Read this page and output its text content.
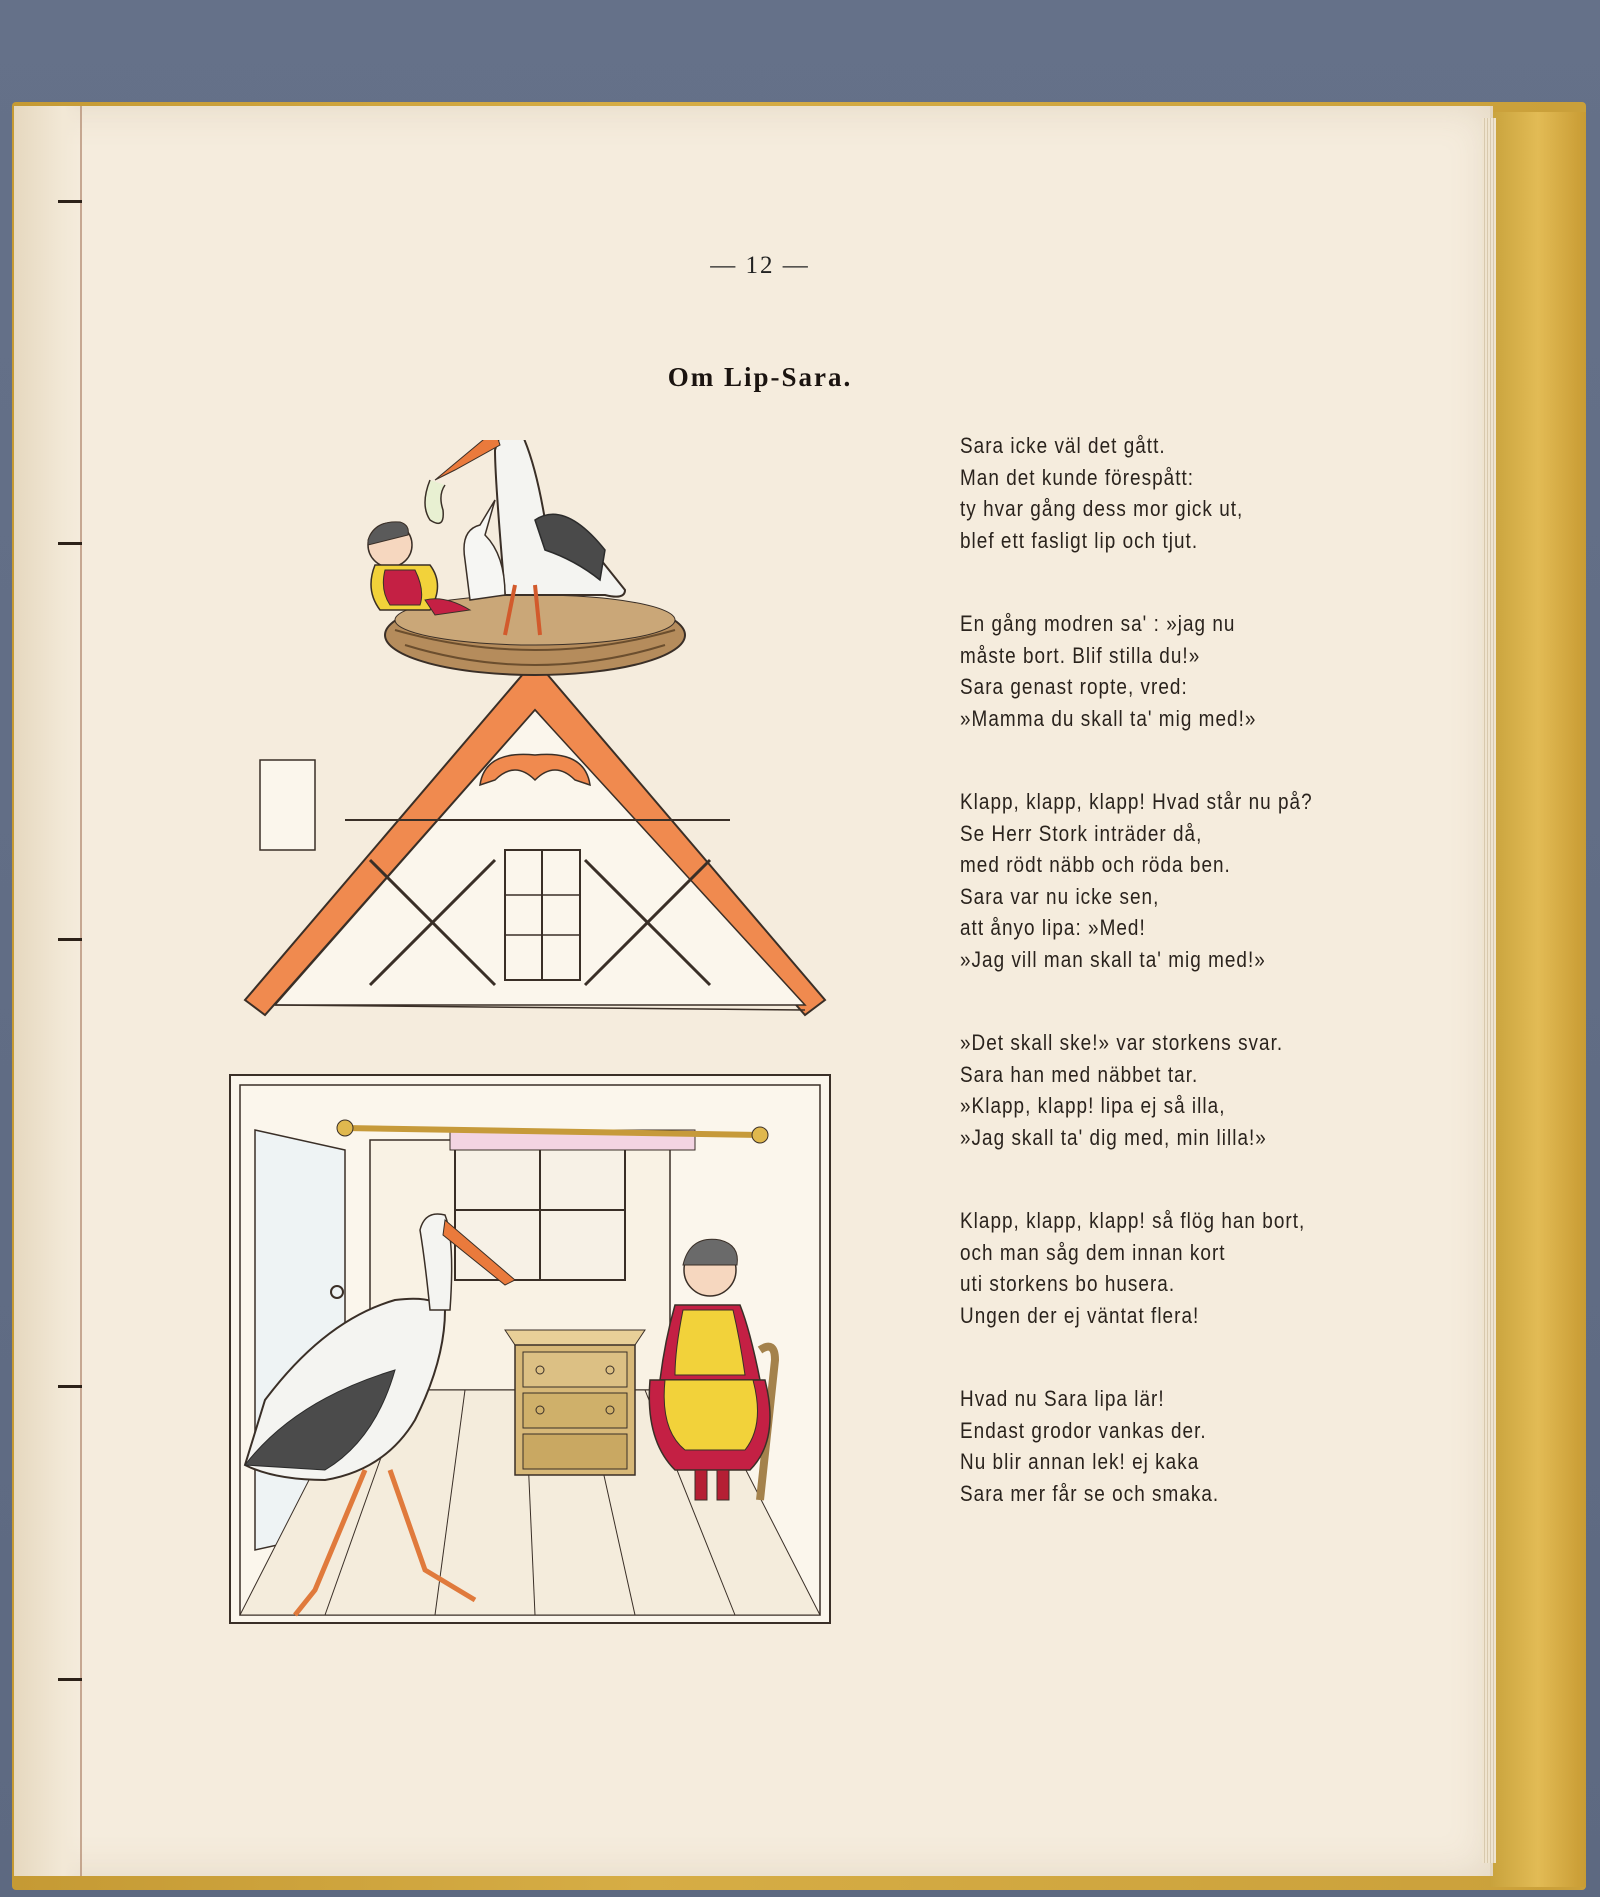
— 12 —
Om Lip-Sara.
Sara icke väl det gått.
Man det kunde förespått:
ty hvar gång dess mor gick ut,
blef ett fasligt lip och tjut.
En gång modren sa' : »jag nu
måste bort. Blif stilla du!»
Sara genast ropte, vred:
»Mamma du skall ta' mig med!»
Klapp, klapp, klapp! Hvad står nu på?
Se Herr Stork inträder då,
med rödt näbb och röda ben.
Sara var nu icke sen,
att ånyo lipa: »Med!
»Jag vill man skall ta' mig med!»
»Det skall ske!» var storkens svar.
Sara han med näbbet tar.
»Klapp, klapp! lipa ej så illa,
»Jag skall ta' dig med, min lilla!»
Klapp, klapp, klapp! så flög han bort,
och man såg dem innan kort
uti storkens bo husera.
Ungen der ej väntat flera!
Hvad nu Sara lipa lär!
Endast grodor vankas der.
Nu blir annan lek! ej kaka
Sara mer får se och smaka.
